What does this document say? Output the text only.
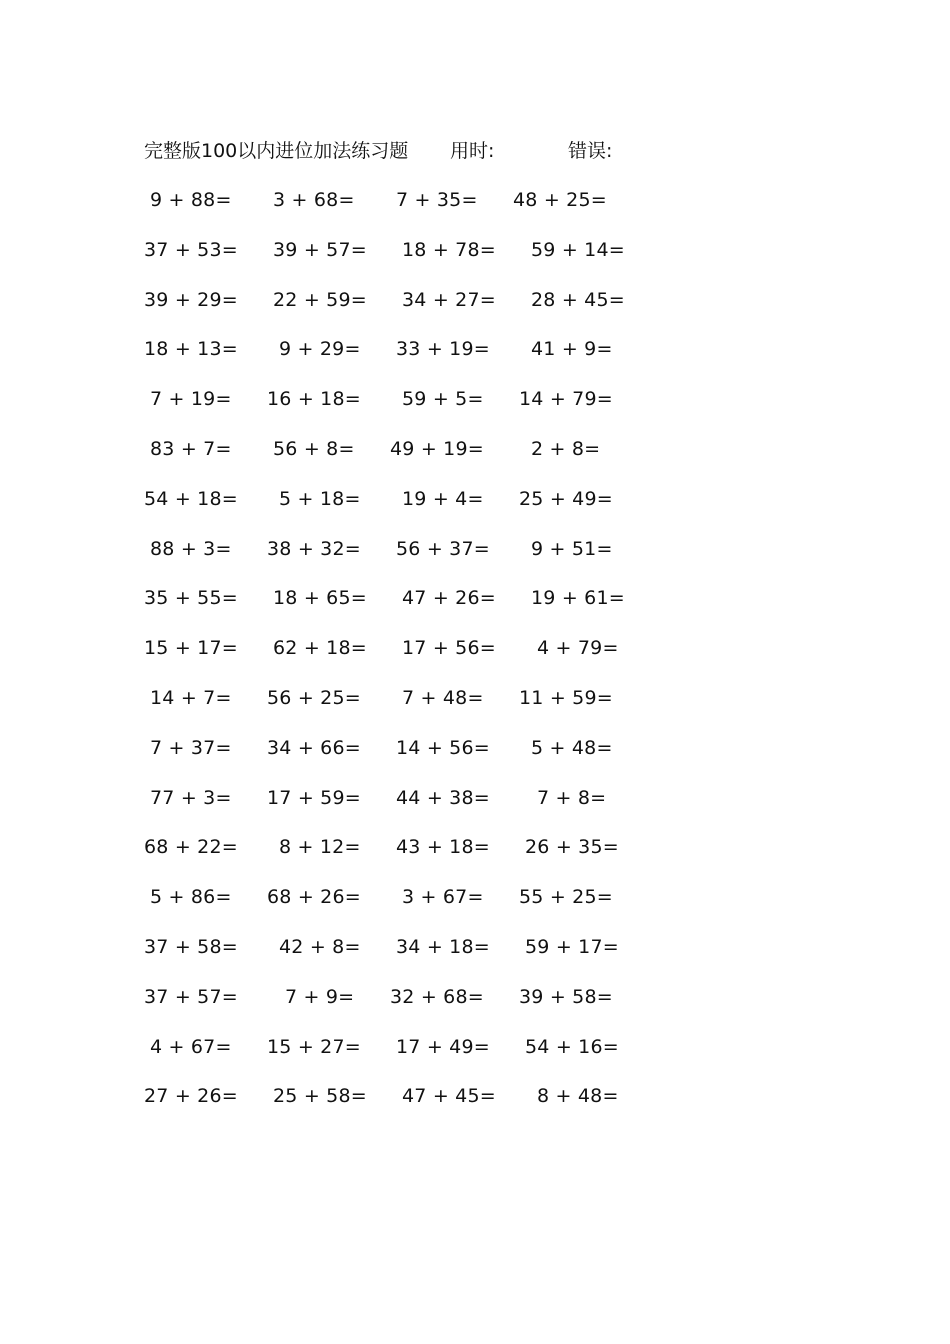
完整版100以内进位加法练习题 用时:	错误:
9 + 88= 3 + 68= 7 + 35= 48 + 25=
37 + 53= 39 + 57= 18 + 78= 59 + 14=
39 + 29= 22 + 59= 34 + 27= 28 + 45=
18 + 13= 9 + 29= 33 + 19= 41 + 9=
7 + 19= 16 + 18= 59 + 5= 14 + 79=
83 + 7= 56 + 8= 49 + 19= 2 + 8=
54 + 18= 5 + 18= 19 + 4= 25 + 49=
88 + 3= 38 + 32= 56 + 37= 9 + 51=
35 + 55= 18 + 65= 47 + 26= 19 + 61=
15 + 17= 62 + 18= 17 + 56= 4 + 79=
14 + 7= 56 + 25= 7 + 48= 11 + 59=
7 + 37= 34 + 66= 14 + 56= 5 + 48=
77 + 3= 17 + 59= 44 + 38= 7 + 8=
68 + 22= 8 + 12= 43 + 18= 26 + 35=
5 + 86= 68 + 26= 3 + 67= 55 + 25=
37 + 58= 42 + 8= 34 + 18= 59 + 17=
37 + 57= 7 + 9= 32 + 68= 39 + 58=
4 + 67= 15 + 27= 17 + 49= 54 + 16=
27 + 26= 25 + 58= 47 + 45= 8 + 48=
